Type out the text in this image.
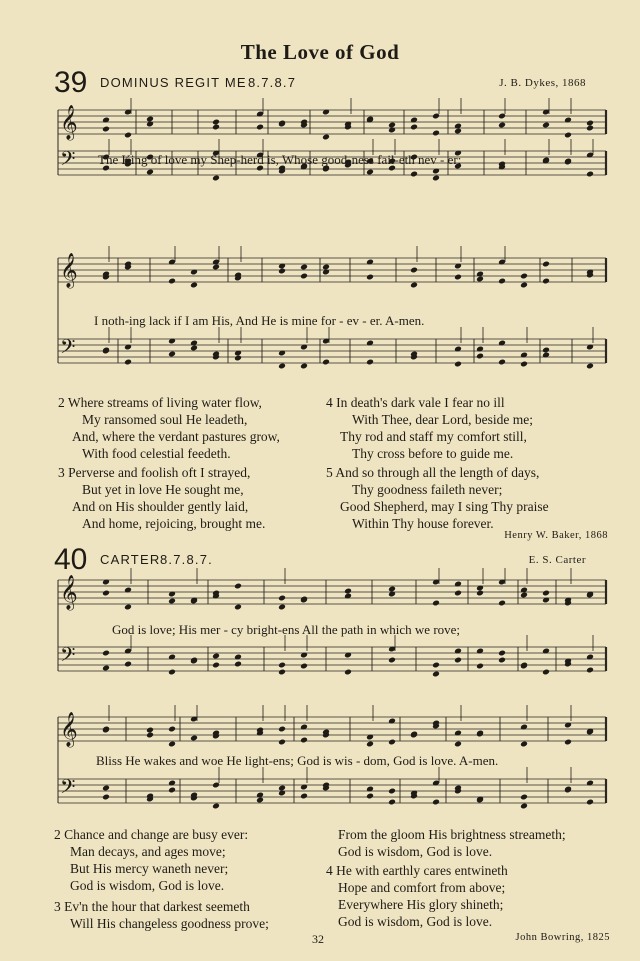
The Love of God
39 DOMINUS REGIT ME 8.7.8.7	J. B. Dykes, 1868
𝄞
𝄢 The King of love my Shep-herd is, Whose good-ness fail-eth nev - er;
𝄞
𝄢
I noth-ing lack if I am His, And He is mine for - ev - er. A-men.
2 Where streams of living water flow,
My ransomed soul He leadeth,
And, where the verdant pastures grow,
With food celestial feedeth.
3 Perverse and foolish oft I strayed,
But yet in love He sought me,
And on His shoulder gently laid,
And home, rejoicing, brought me.
4 In death's dark vale I fear no ill
With Thee, dear Lord, beside me;
Thy rod and staff my comfort still,
Thy cross before to guide me.
5 And so through all the length of days,
Thy goodness faileth never;
Good Shepherd, may I sing Thy praise
Within Thy house forever.
Henry W. Baker, 1868
40 CARTER 8.7.8.7.	E. S. Carter
𝄞
𝄢
God is love; His mer - cy bright-ens All the path in which we rove;
𝄞
𝄢
Bliss He wakes and woe He light-ens; God is wis - dom, God is love. A-men.
2 Chance and change are busy ever:
Man decays, and ages move;
But His mercy waneth never;
God is wisdom, God is love.
3 Ev'n the hour that darkest seemeth
Will His changeless goodness prove;
From the gloom His brightness streameth;
God is wisdom, God is love.
4 He with earthly cares entwineth
Hope and comfort from above;
Everywhere His glory shineth;
God is wisdom, God is love.
32	John Bowring, 1825
